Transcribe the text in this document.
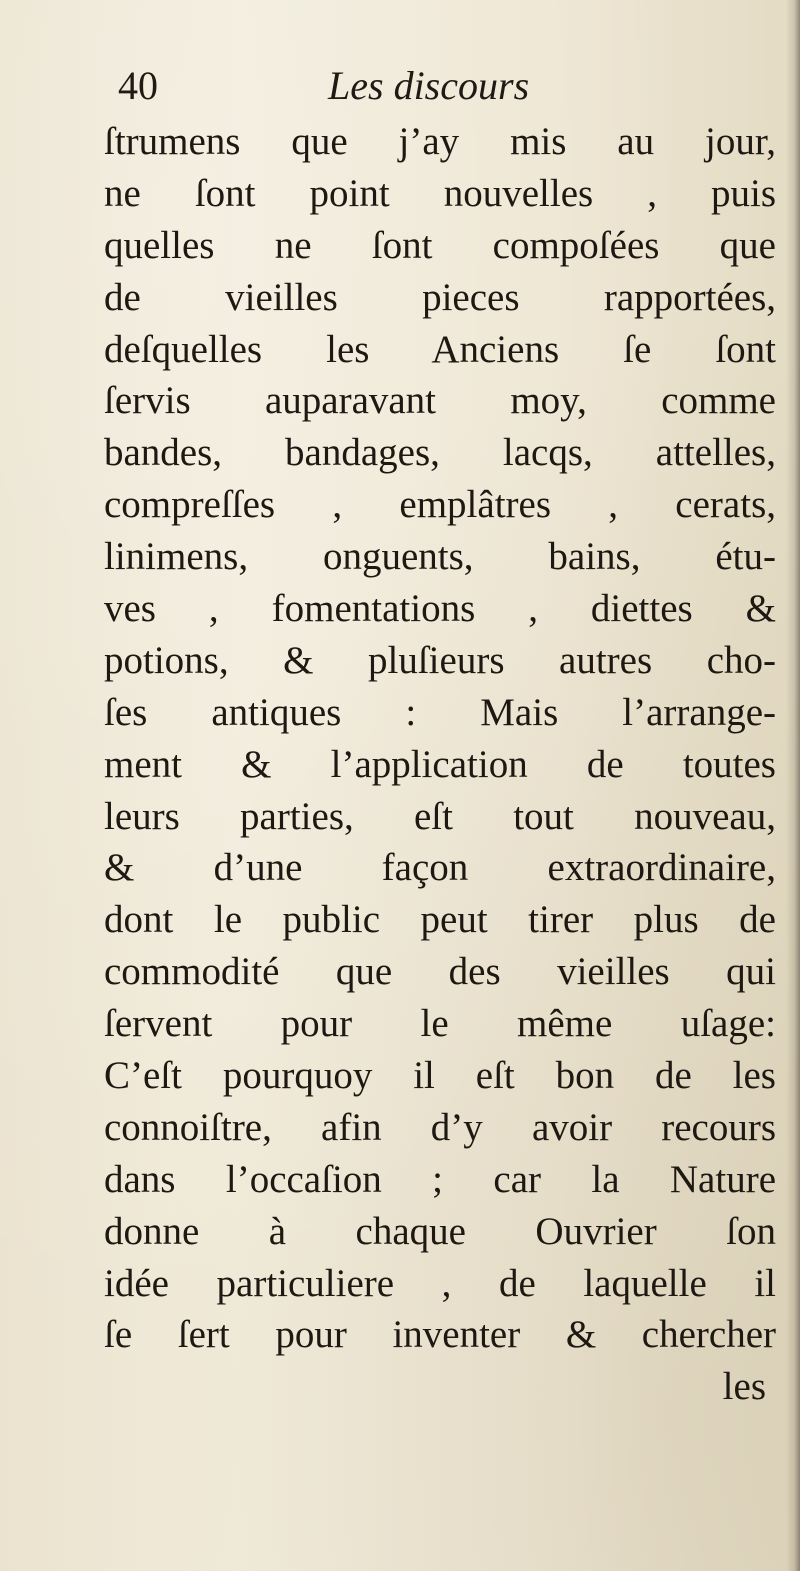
40	Les discours
ſtrumens que j’ay mis au jour,
ne ſont point nouvelles , puis
quelles ne ſont compoſées que
de vieilles pieces rapportées,
deſquelles les Anciens ſe ſont
ſervis auparavant moy, comme
bandes, bandages, lacqs, attelles,
compreſſes , emplâtres , cerats,
linimens, onguents, bains, étu-
ves , fomentations , diettes &
potions, & pluſieurs autres cho-
ſes antiques : Mais l’arrange-
ment & l’application de toutes
leurs parties, eſt tout nouveau,
& d’une façon extraordinaire,
dont le public peut tirer plus de
commodité que des vieilles qui
ſervent pour le même uſage:
C’eſt pourquoy il eſt bon de les
connoiſtre, afin d’y avoir recours
dans l’occaſion ; car la Nature
donne à chaque Ouvrier ſon
idée particuliere , de laquelle il
ſe ſert pour inventer & chercher
les
